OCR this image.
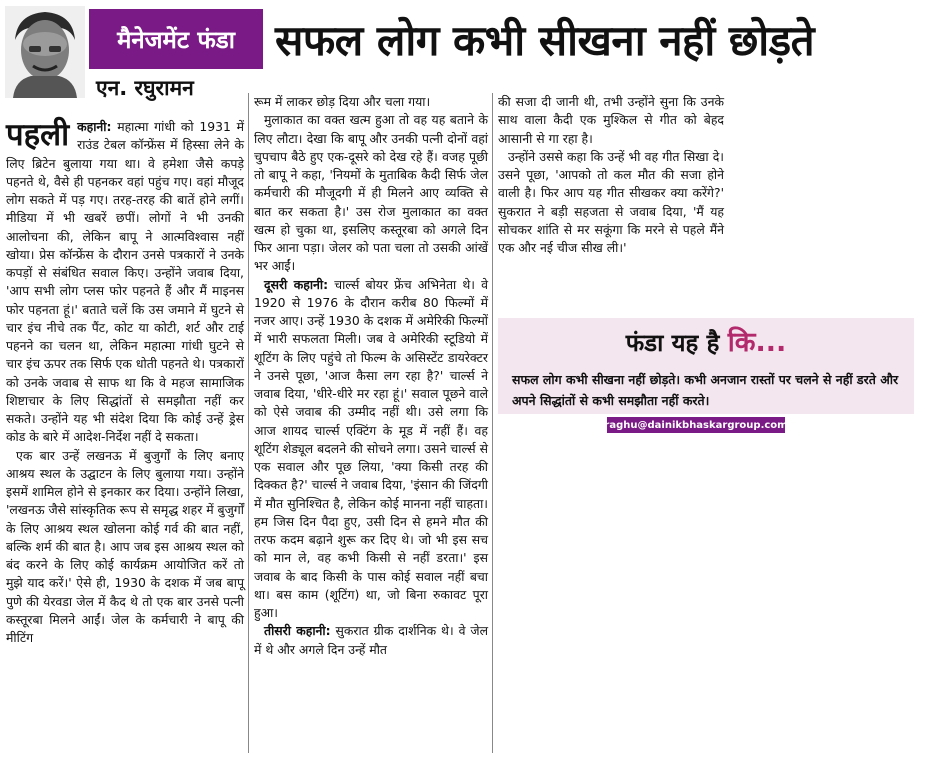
मैनेजमेंट फंडा सफल लोग कभी सीखना नहीं छोड़ते
एन. रघुरामन
पहली कहानी: महात्मा गांधी को 1931 में राउंड टेबल कॉन्फ्रेंस में हिस्सा लेने के लिए ब्रिटेन बुलाया गया था। वे हमेशा जैसे कपड़े पहनते थे, वैसे ही पहनकर वहां पहुंच गए। वहां मौजूद लोग सकते में पड़ गए। तरह-तरह की बातें होने लगीं। मीडिया में भी खबरें छपीं। लोगों ने भी उनकी आलोचना की, लेकिन बापू ने आत्मविश्वास नहीं खोया। प्रेस कॉन्फ्रेंस के दौरान उनसे पत्रकारों ने उनके कपड़ों से संबंधित सवाल किए। उन्होंने जवाब दिया, 'आप सभी लोग प्लस फोर पहनते हैं और मैं माइनस फोर पहनता हूं।' बताते चलें कि उस जमाने में घुटने से चार इंच नीचे तक पैंट, कोट या कोटी, शर्ट और टाई पहनने का चलन था, लेकिन महात्मा गांधी घुटने से चार इंच ऊपर तक सिर्फ एक धोती पहनते थे। पत्रकारों को उनके जवाब से साफ था कि वे महज सामाजिक शिष्टाचार के लिए सिद्धांतों से समझौता नहीं कर सकते। उन्होंने यह भी संदेश दिया कि कोई उन्हें ड्रेस कोड के बारे में आदेश-निर्देश नहीं दे सकता।

एक बार उन्हें लखनऊ में बुजुर्गों के लिए बनाए आश्रय स्थल के उद्घाटन के लिए बुलाया गया। उन्होंने इसमें शामिल होने से इनकार कर दिया। उन्होंने लिखा, 'लखनऊ जैसे सांस्कृतिक रूप से समृद्ध शहर में बुजुर्गों के लिए आश्रय स्थल खोलना कोई गर्व की बात नहीं, बल्कि शर्म की बात है। आप जब इस आश्रय स्थल को बंद करने के लिए कोई कार्यक्रम आयोजित करें तो मुझे याद करें।' ऐसे ही, 1930 के दशक में जब बापू पुणे की येरवडा जेल में कैद थे तो एक बार उनसे पत्नी कस्तूरबा मिलने आईं। जेल के कर्मचारी ने बापू की मीटिंग

रूम में लाकर छोड़ दिया और चला गया।

मुलाकात का वक्त खत्म हुआ तो वह यह बताने के लिए लौटा। देखा कि बापू और उनकी पत्नी दोनों वहां चुपचाप बैठे हुए एक-दूसरे को देख रहे हैं। वजह पूछी तो बापू ने कहा, 'नियमों के मुताबिक कैदी सिर्फ जेल कर्मचारी की मौजूदगी में ही मिलने आए व्यक्ति से बात कर सकता है।' उस रोज मुलाकात का वक्त खत्म हो चुका था, इसलिए कस्तूरबा को अगले दिन फिर आना पड़ा। जेलर को पता चला तो उसकी आंखें भर आईं।

दूसरी कहानी: चार्ल्स बोयर फ्रेंच अभिनेता थे। वे 1920 से 1976 के दौरान करीब 80 फिल्मों में नजर आए। उन्हें 1930 के दशक में अमेरिकी फिल्मों में भारी सफलता मिली। जब वे अमेरिकी स्टूडियो में शूटिंग के लिए पहुंचे तो फिल्म के असिस्टेंट डायरेक्टर ने उनसे पूछा, 'आज कैसा लग रहा है?' चार्ल्स ने जवाब दिया, 'धीरे-धीरे मर रहा हूं।' सवाल पूछने वाले को ऐसे जवाब की उम्मीद नहीं थी। उसे लगा कि आज शायद चार्ल्स एक्टिंग के मूड में नहीं हैं। वह शूटिंग शेड्यूल बदलने की सोचने लगा। उसने चार्ल्स से एक सवाल और पूछ लिया, 'क्या किसी तरह की दिक्कत है?' चार्ल्स ने जवाब दिया, 'इंसान की जिंदगी में मौत सुनिश्चित है, लेकिन कोई मानना नहीं चाहता। हम जिस दिन पैदा हुए, उसी दिन से हमने मौत की तरफ कदम बढ़ाने शुरू कर दिए थे। जो भी इस सच को मान ले, वह कभी किसी से नहीं डरता।' इस जवाब के बाद किसी के पास कोई सवाल नहीं बचा था। बस काम (शूटिंग) था, जो बिना रुकावट पूरा हुआ।

तीसरी कहानी: सुकरात ग्रीक दार्शनिक थे। वे जेल में थे और अगले दिन उन्हें मौत

की सजा दी जानी थी, तभी उन्होंने सुना कि उनके साथ वाला कैदी एक मुश्किल से गीत को बेहद आसानी से गा रहा है।

उन्होंने उससे कहा कि उन्हें भी वह गीत सिखा दे। उसने पूछा, 'आपको तो कल मौत की सजा होने वाली है। फिर आप यह गीत सीखकर क्या करेंगे?' सुकरात ने बड़ी सहजता से जवाब दिया, 'मैं यह सोचकर शांति से मर सकूंगा कि मरने से पहले मैंने एक और नई चीज सीख ली।'

फंडा यह है कि...
सफल लोग कभी सीखना नहीं छोड़ते। कभी अनजान रास्तों पर चलने से नहीं डरते और अपने सिद्धांतों से कभी समझौता नहीं करते।
raghu@dainikbhaskargroup.com
